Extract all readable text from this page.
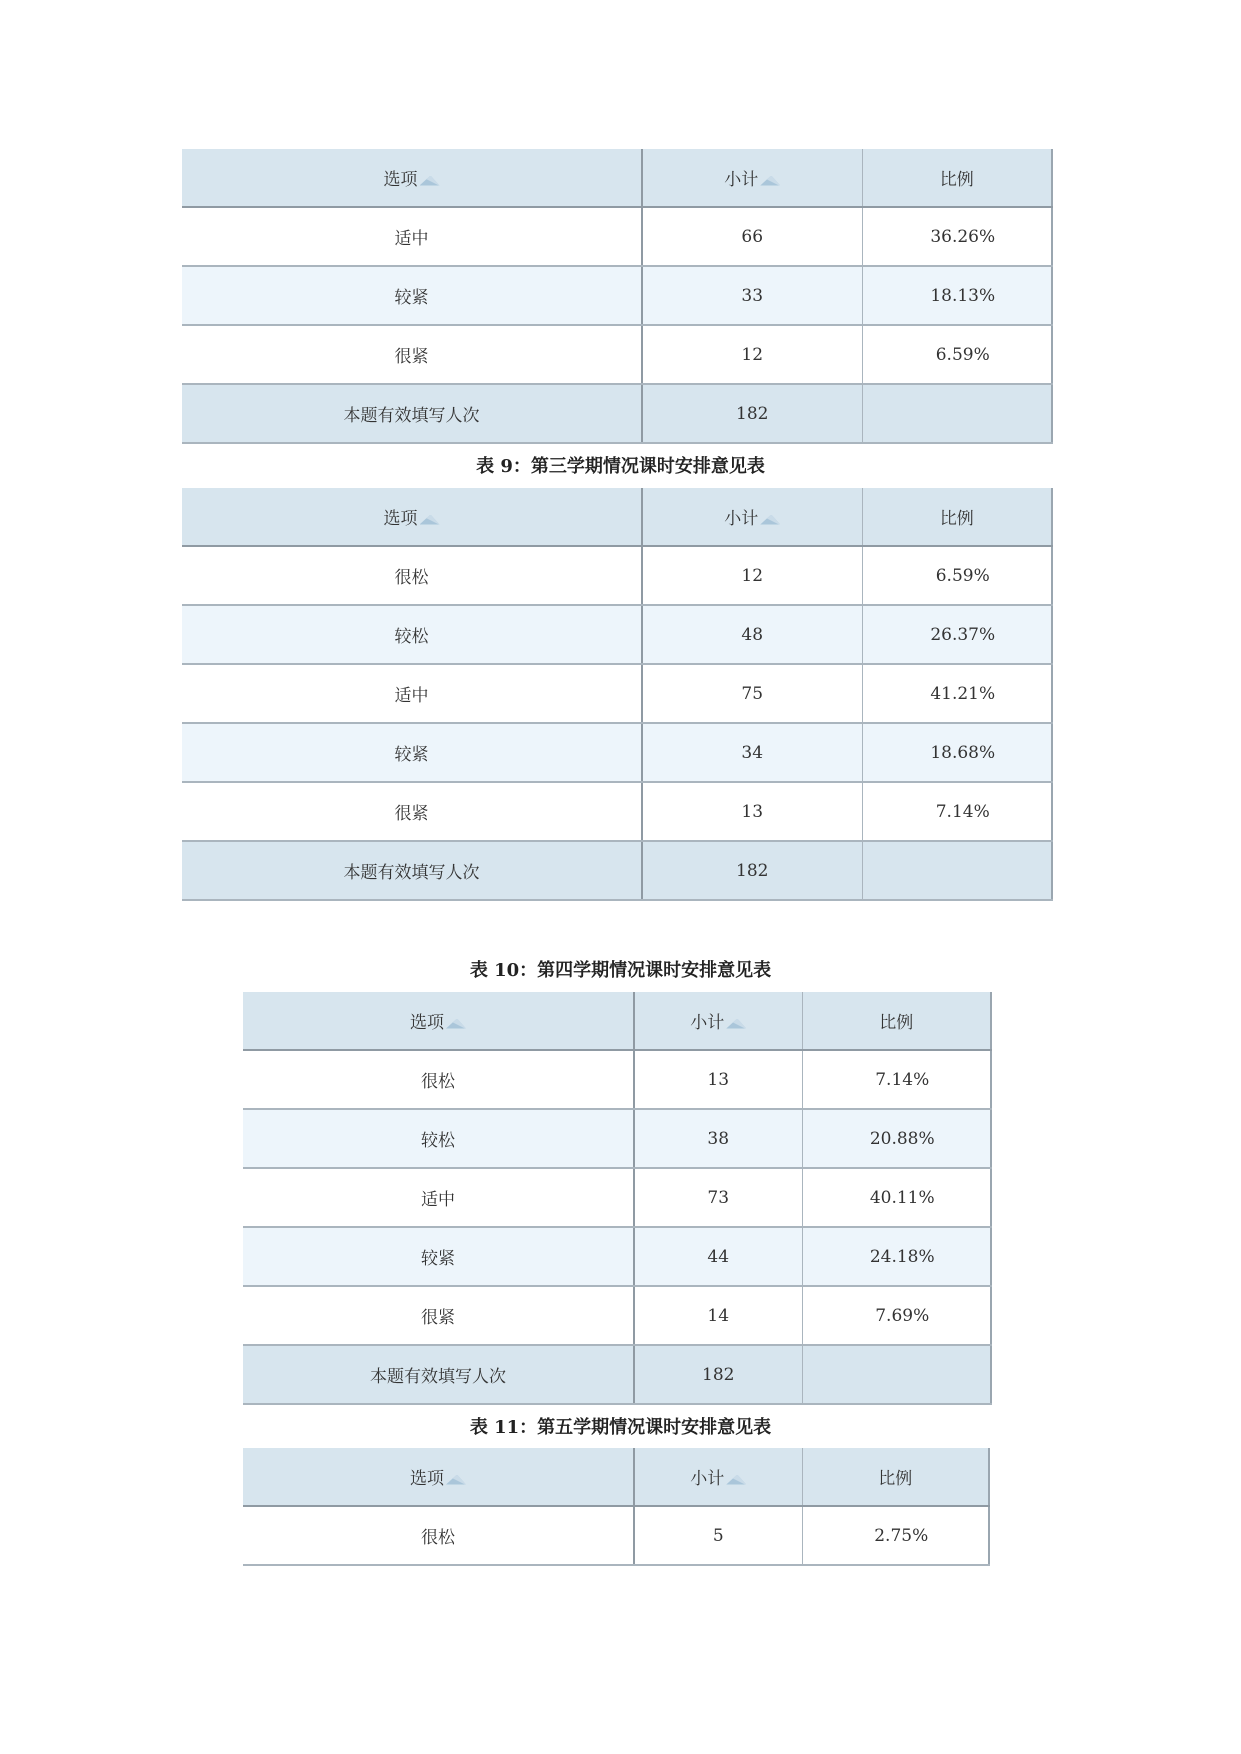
选项	小计	比例
适中	66	36.26%
较紧	33	18.13%
很紧	12	6.59%
本题有效填写人次	182	
表 9：第三学期情况课时安排意见表
选项	小计	比例
很松	12	6.59%
较松	48	26.37%
适中	75	41.21%
较紧	34	18.68%
很紧	13	7.14%
本题有效填写人次	182	
表 10：第四学期情况课时安排意见表
选项	小计	比例
很松	13	7.14%
较松	38	20.88%
适中	73	40.11%
较紧	44	24.18%
很紧	14	7.69%
本题有效填写人次	182	
表 11：第五学期情况课时安排意见表
选项	小计	比例
很松	5	2.75%
